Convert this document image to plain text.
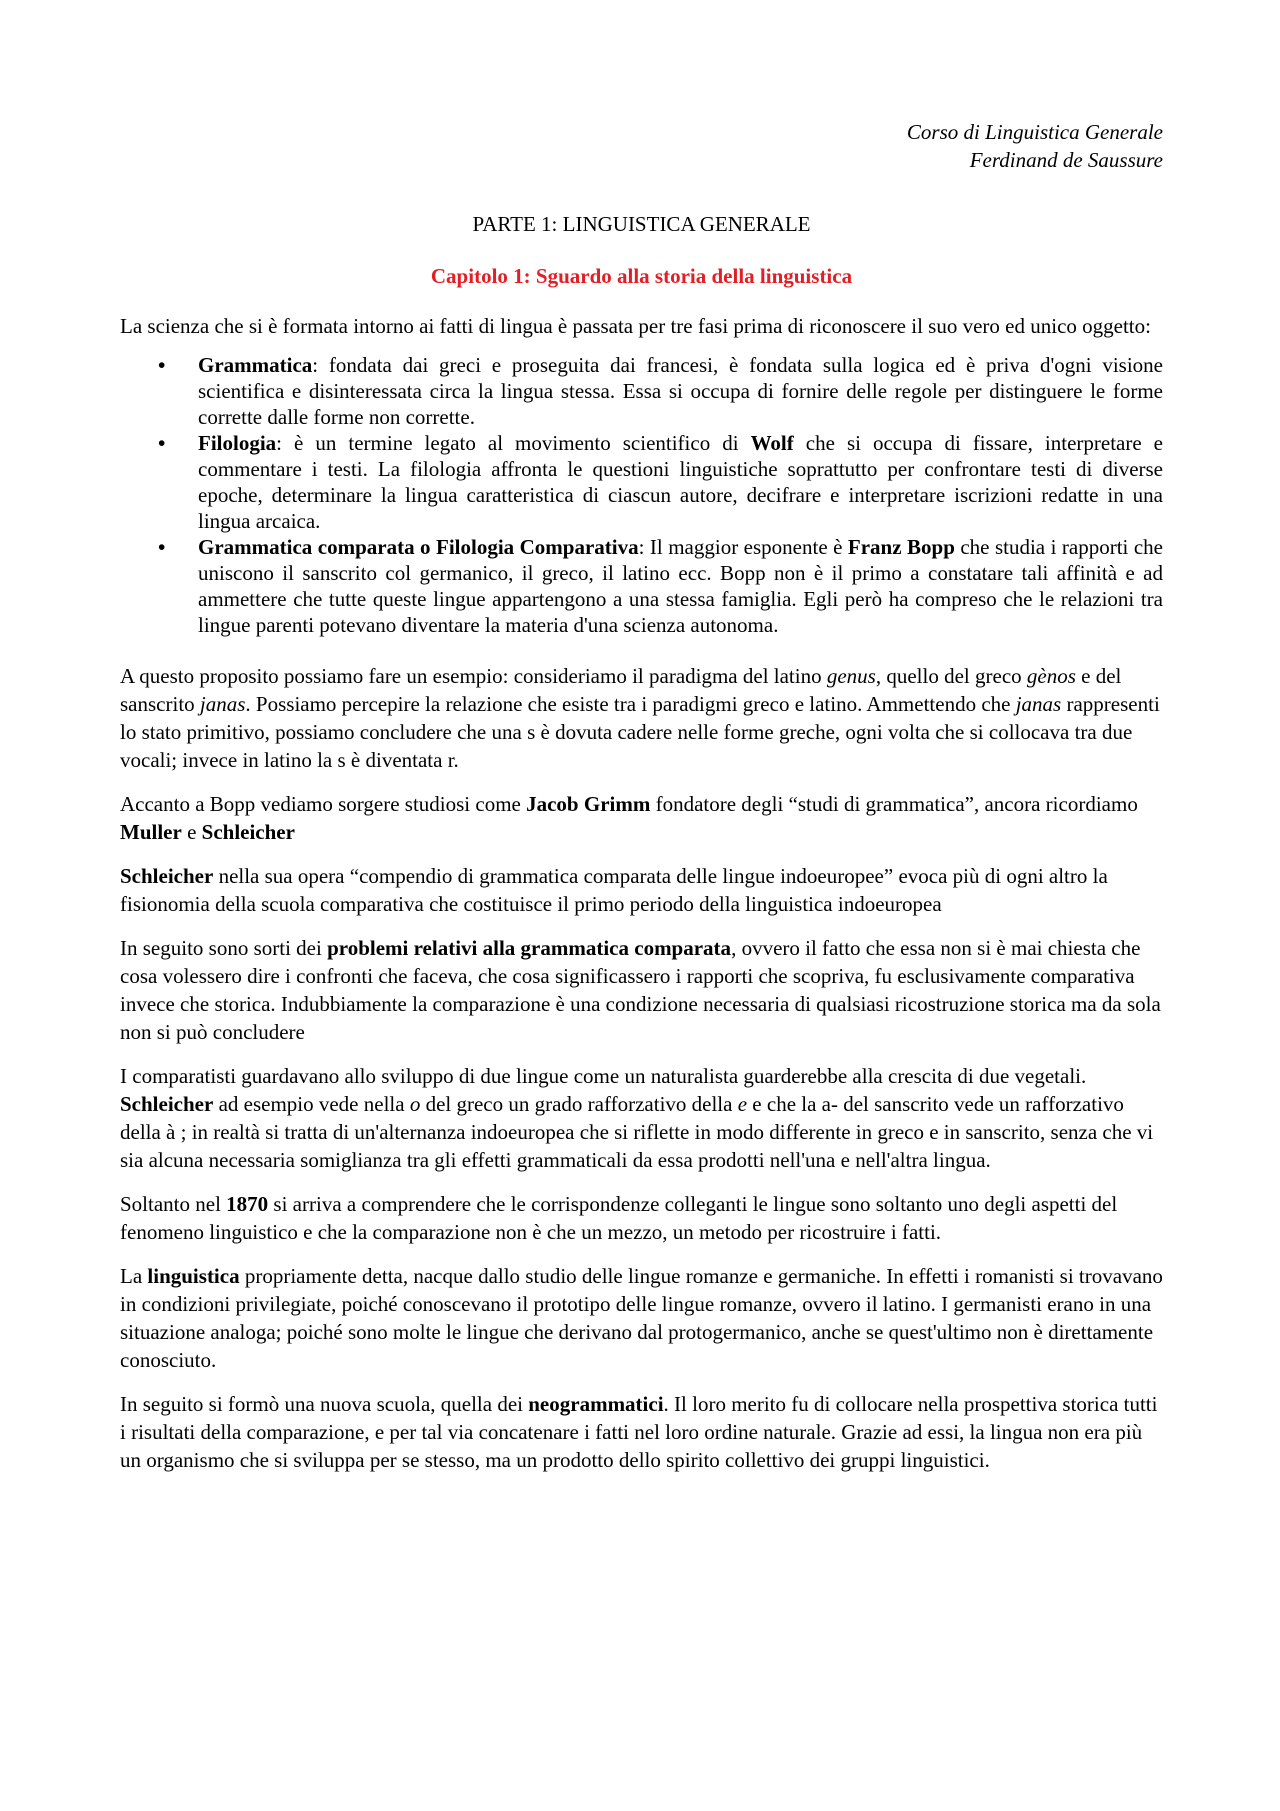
Corso di Linguistica Generale
Ferdinand de Saussure
PARTE 1: LINGUISTICA GENERALE
Capitolo 1: Sguardo alla storia della linguistica

La scienza che si è formata intorno ai fatti di lingua è passata per tre fasi prima di riconoscere il suo vero ed unico oggetto:

• Grammatica: fondata dai greci e proseguita dai francesi, è fondata sulla logica ed è priva d'ogni visione scientifica e disinteressata circa la lingua stessa. Essa si occupa di fornire delle regole per distinguere le forme corrette dalle forme non corrette.
• Filologia: è un termine legato al movimento scientifico di Wolf che si occupa di fissare, interpretare e commentare i testi. La filologia affronta le questioni linguistiche soprattutto per confrontare testi di diverse epoche, determinare la lingua caratteristica di ciascun autore, decifrare e interpretare iscrizioni redatte in una lingua arcaica.
• Grammatica comparata o Filologia Comparativa: Il maggior esponente è Franz Bopp che studia i rapporti che uniscono il sanscrito col germanico, il greco, il latino ecc. Bopp non è il primo a constatare tali affinità e ad ammettere che tutte queste lingue appartengono a una stessa famiglia. Egli però ha compreso che le relazioni tra lingue parenti potevano diventare la materia d'una scienza autonoma.

A questo proposito possiamo fare un esempio: consideriamo il paradigma del latino genus, quello del greco gènos e del sanscrito janas. Possiamo percepire la relazione che esiste tra i paradigmi greco e latino. Ammettendo che janas rappresenti lo stato primitivo, possiamo concludere che una s è dovuta cadere nelle forme greche, ogni volta che si collocava tra due vocali; invece in latino la s è diventata r.

Accanto a Bopp vediamo sorgere studiosi come Jacob Grimm fondatore degli “studi di grammatica”, ancora ricordiamo Muller e Schleicher

Schleicher nella sua opera “compendio di grammatica comparata delle lingue indoeuropee” evoca più di ogni altro la fisionomia della scuola comparativa che costituisce il primo periodo della linguistica indoeuropea

In seguito sono sorti dei problemi relativi alla grammatica comparata, ovvero il fatto che essa non si è mai chiesta che cosa volessero dire i confronti che faceva, che cosa significassero i rapporti che scopriva, fu esclusivamente comparativa invece che storica. Indubbiamente la comparazione è una condizione necessaria di qualsiasi ricostruzione storica ma da sola non si può concludere

I comparatisti guardavano allo sviluppo di due lingue come un naturalista guarderebbe alla crescita di due vegetali. Schleicher ad esempio vede nella o del greco un grado rafforzativo della e e che la a- del sanscrito vede un rafforzativo della à ; in realtà si tratta di un'alternanza indoeuropea che si riflette in modo differente in greco e in sanscrito, senza che vi sia alcuna necessaria somiglianza tra gli effetti grammaticali da essa prodotti nell'una e nell'altra lingua.

Soltanto nel 1870 si arriva a comprendere che le corrispondenze colleganti le lingue sono soltanto uno degli aspetti del fenomeno linguistico e che la comparazione non è che un mezzo, un metodo per ricostruire i fatti.

La linguistica propriamente detta, nacque dallo studio delle lingue romanze e germaniche. In effetti i romanisti si trovavano in condizioni privilegiate, poiché conoscevano il prototipo delle lingue romanze, ovvero il latino. I germanisti erano in una situazione analoga; poiché sono molte le lingue che derivano dal protogermanico, anche se quest'ultimo non è direttamente conosciuto.

In seguito si formò una nuova scuola, quella dei neogrammatici. Il loro merito fu di collocare nella prospettiva storica tutti i risultati della comparazione, e per tal via concatenare i fatti nel loro ordine naturale. Grazie ad essi, la lingua non era più un organismo che si sviluppa per se stesso, ma un prodotto dello spirito collettivo dei gruppi linguistici.
